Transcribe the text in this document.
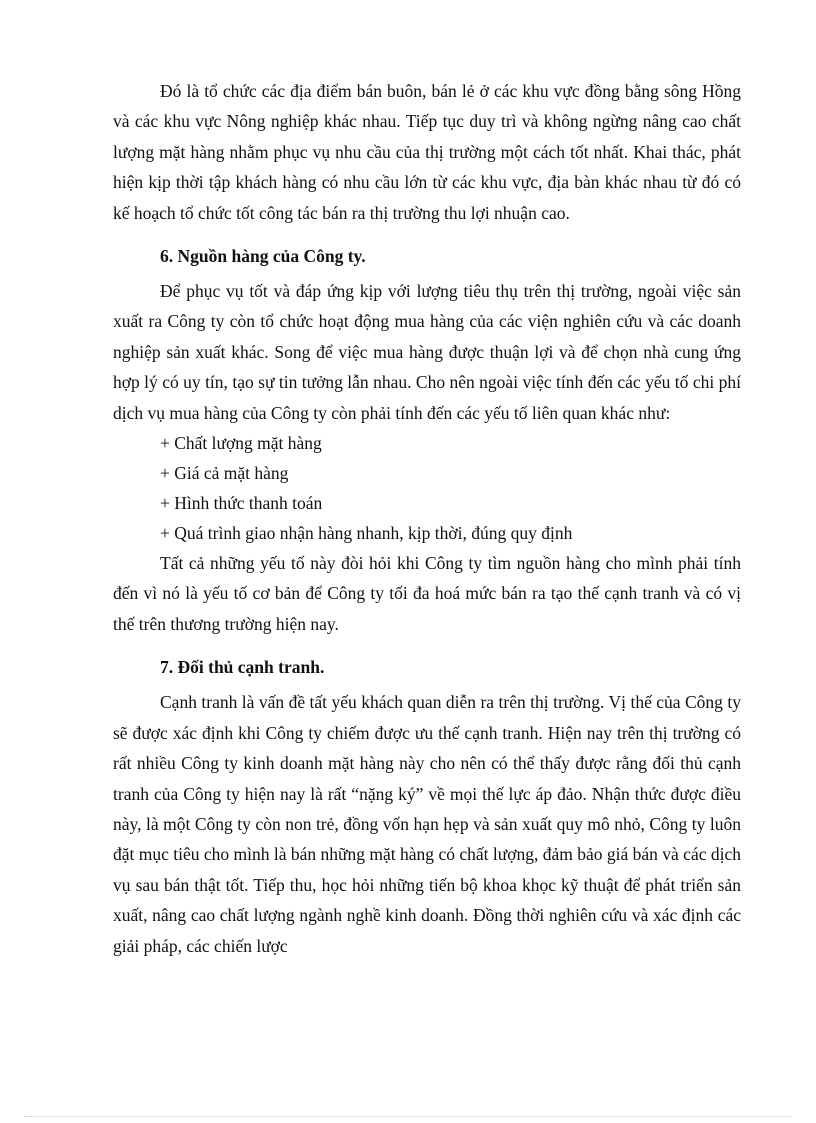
Đó là tổ chức các địa điểm bán buôn, bán lẻ ở các khu vực đồng bằng sông Hồng và các khu vực Nông nghiệp khác nhau. Tiếp tục duy trì và không ngừng nâng cao chất lượng mặt hàng nhằm phục vụ nhu cầu của thị trường một cách tốt nhất. Khai thác, phát hiện kịp thời tập khách hàng có nhu cầu lớn từ các khu vực, địa bàn khác nhau từ đó có kế hoạch tổ chức tốt công tác bán ra thị trường thu lợi nhuận cao.

6. Nguồn hàng của Công ty.

Để phục vụ tốt và đáp ứng kịp với lượng tiêu thụ trên thị trường, ngoài việc sản xuất ra Công ty còn tổ chức hoạt động mua hàng của các viện nghiên cứu và các doanh nghiệp sản xuất khác. Song để việc mua hàng được thuận lợi và để chọn nhà cung ứng hợp lý có uy tín, tạo sự tin tưởng lẫn nhau. Cho nên ngoài việc tính đến các yếu tố chi phí dịch vụ mua hàng của Công ty còn phải tính đến các yếu tố liên quan khác như:

+ Chất lượng mặt hàng

+ Giá cả mặt hàng

+ Hình thức thanh toán

+ Quá trình giao nhận hàng nhanh, kịp thời, đúng quy định

Tất cả những yếu tố này đòi hỏi khi Công ty tìm nguồn hàng cho mình phải tính đến vì nó là yếu tố cơ bản để Công ty tối đa hoá mức bán ra tạo thế cạnh tranh và có vị thế trên thương trường hiện nay.

7. Đối thủ cạnh tranh.

Cạnh tranh là vấn đề tất yếu khách quan diễn ra trên thị trường. Vị thế của Công ty sẽ được xác định khi Công ty chiếm được ưu thế cạnh tranh. Hiện nay trên thị trường có rất nhiều Công ty kinh doanh mặt hàng này cho nên có thể thấy được rằng đối thủ cạnh tranh của Công ty hiện nay là rất “nặng ký” về mọi thế lực áp đảo. Nhận thức được điều này, là một Công ty còn non trẻ, đồng vốn hạn hẹp và sản xuất quy mô nhỏ, Công ty luôn đặt mục tiêu cho mình là bán những mặt hàng có chất lượng, đảm bảo giá bán và các dịch vụ sau bán thật tốt. Tiếp thu, học hỏi những tiến bộ khoa khọc kỹ thuật để phát triển sản xuất, nâng cao chất lượng ngành nghề kinh doanh. Đồng thời nghiên cứu và xác định các giải pháp, các chiến lược
